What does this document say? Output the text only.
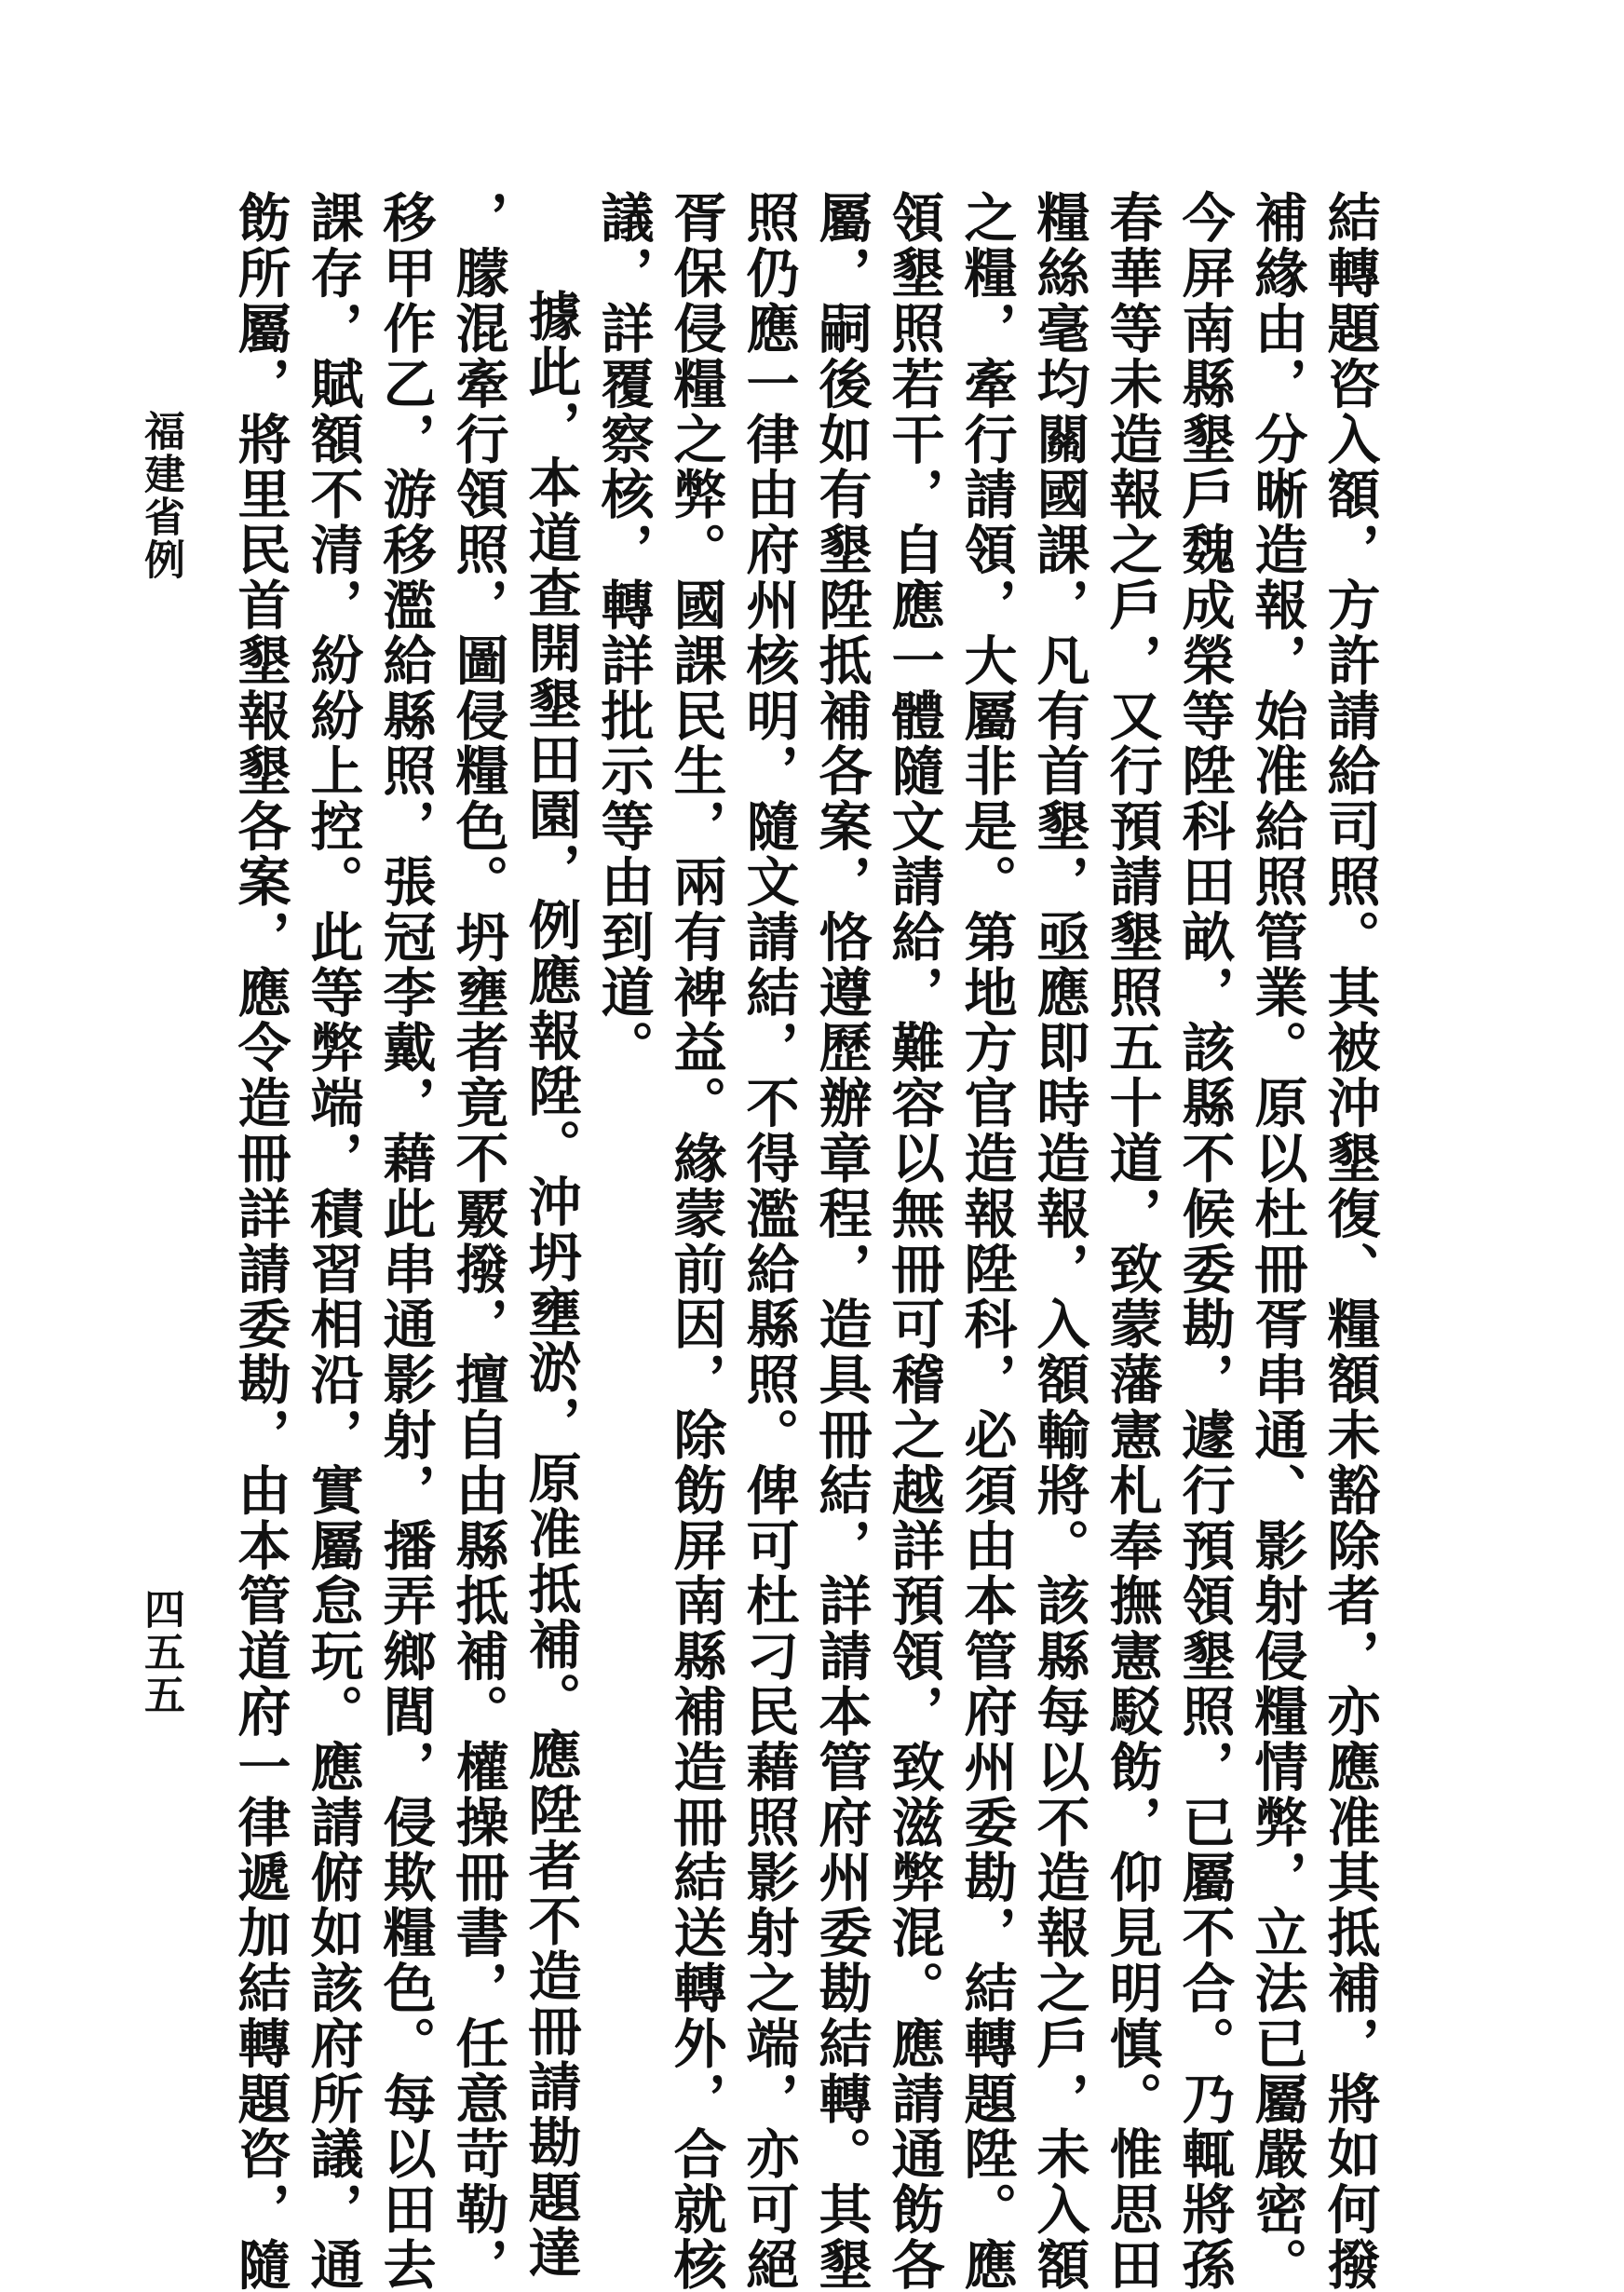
福建省例
四五五	結轉題咨入額，方許請給司照。其被沖墾復、糧額未豁除者，亦應准其抵補，將如何撥
補緣由，分晰造報，始准給照管業。原以杜冊胥串通、影射侵糧情弊，立法已屬嚴密。
今屏南縣墾戶魏成榮等陞科田畝，該縣不候委勘，遽行預領墾照，已屬不合。乃輒將孫
春華等未造報之戶，又行預請墾照五十道，致蒙藩憲札奉撫憲駁飭，仰見明慎。惟思田
糧絲毫均關國課，凡有首墾，亟應即時造報，入額輸將。該縣每以不造報之戶，未入額
之糧，牽行請領，大屬非是。第地方官造報陞科，必須由本管府州委勘，結轉題陞。應
領墾照若干，自應一體隨文請給，難容以無冊可稽之越詳預領，致滋弊混。應請通飭各
屬，嗣後如有墾陞抵補各案，恪遵歷辦章程，造具冊結，詳請本管府州委勘結轉。其墾
照仍應一律由府州核明，隨文請結，不得濫給縣照。俾可杜刁民藉照影射之端，亦可絕
胥保侵糧之弊。國課民生，兩有裨益。緣蒙前因，除飭屏南縣補造冊結送轉外，合就核
議，詳覆察核，轉詳批示等由到道。
據此，本道查開墾田園，例應報陞。沖坍壅淤，原准抵補。應陞者不造冊請勘題達
，朦混牽行領照，圖侵糧色。坍壅者竟不覈撥，擅自由縣抵補。權操冊書，任意苛勒，
移甲作乙，游移濫給縣照，張冠李戴，藉此串通影射，播弄鄉閭，侵欺糧色。每以田去
課存，賦額不清，紛紛上控。此等弊端，積習相沿，實屬怠玩。應請俯如該府所議，通
飭所屬，將里民首墾報墾各案，應令造冊詳請委勘，由本管道府一律遞加結轉題咨，隨
